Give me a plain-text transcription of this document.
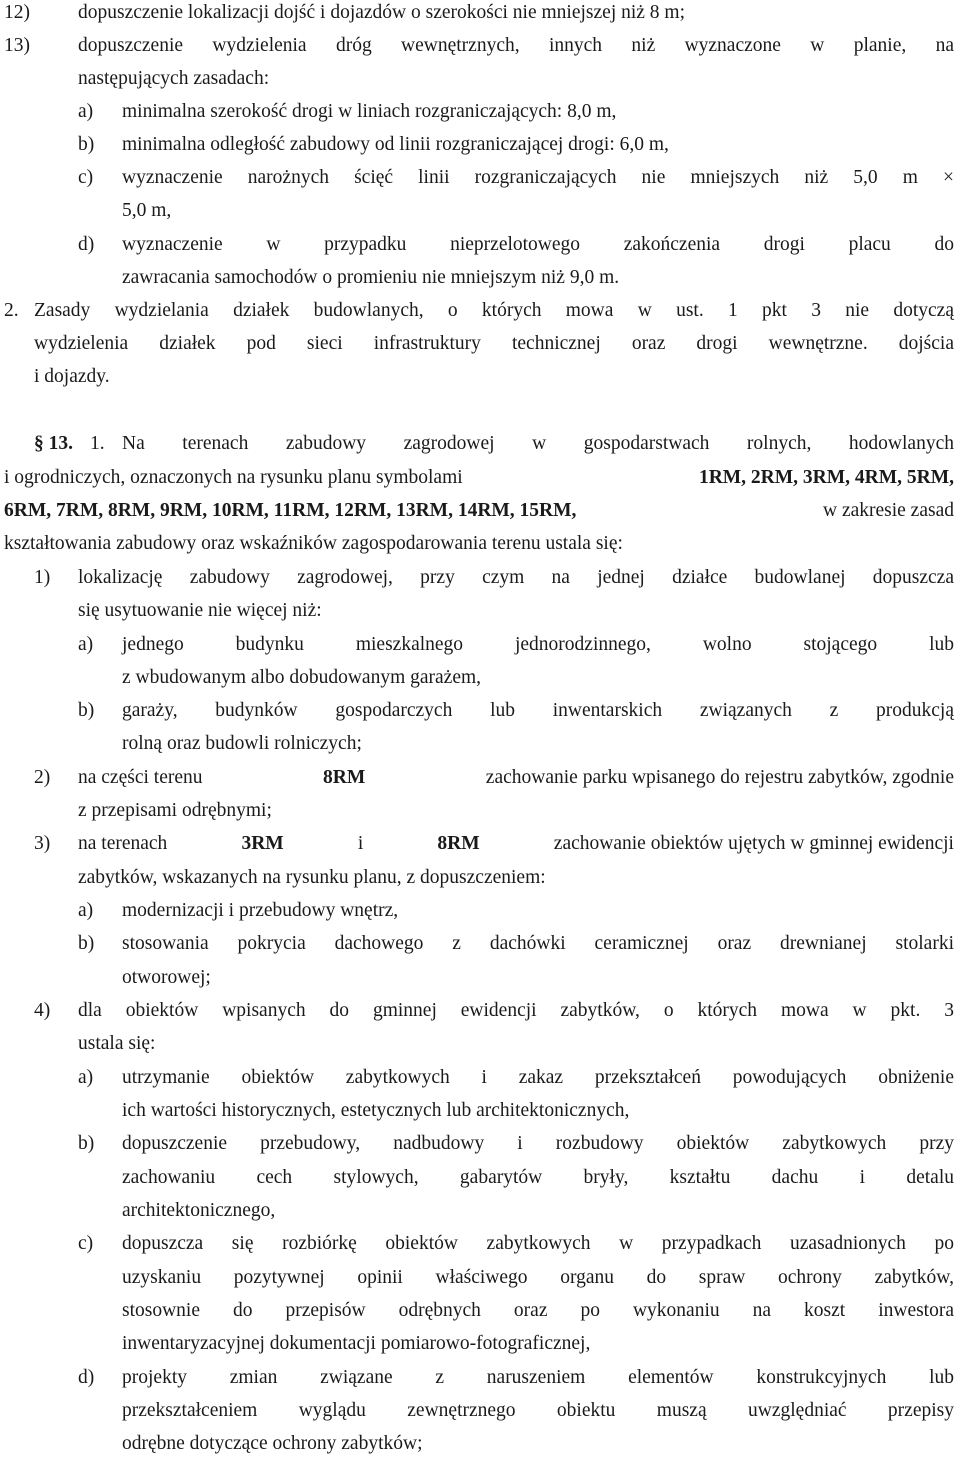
12)	dopuszczenie lokalizacji dojść i dojazdów o szerokości nie mniejszej niż 8 m;
13)	dopuszczenie wydzielenia dróg wewnętrznych, innych niż wyznaczone w planie, na
następujących zasadach:
a)	minimalna szerokość drogi w liniach rozgraniczających: 8,0 m,
b)	minimalna odległość zabudowy od linii rozgraniczającej drogi: 6,0 m,
c)	wyznaczenie narożnych ścięć linii rozgraniczających nie mniejszych niż 5,0 m ×
5,0 m,
d)	wyznaczenie w przypadku nieprzelotowego zakończenia drogi placu do
zawracania samochodów o promieniu nie mniejszym niż 9,0 m.
2. Zasady wydzielania działek budowlanych, o których mowa w ust. 1 pkt 3 nie dotyczą
wydzielenia działek pod sieci infrastruktury technicznej oraz drogi wewnętrzne. dojścia
i dojazdy.
§ 13. 1. Na terenach zabudowy zagrodowej w gospodarstwach rolnych, hodowlanych
i ogrodniczych, oznaczonych na rysunku planu symbolami	1RM, 2RM, 3RM, 4RM, 5RM,
6RM, 7RM, 8RM, 9RM, 10RM, 11RM, 12RM, 13RM, 14RM, 15RM,	w zakresie zasad
kształtowania zabudowy oraz wskaźników zagospodarowania terenu ustala się:
1)	lokalizację zabudowy zagrodowej, przy czym na jednej działce budowlanej dopuszcza
się usytuowanie nie więcej niż:
a)	jednego budynku mieszkalnego jednorodzinnego, wolno stojącego lub
z wbudowanym albo dobudowanym garażem,
b)	garaży, budynków gospodarczych lub inwentarskich związanych z produkcją
rolną oraz budowli rolniczych;
2)	na części terenu	8RM	zachowanie parku wpisanego do rejestru zabytków, zgodnie
z przepisami odrębnymi;
3)	na terenach	3RM	i	8RM	zachowanie obiektów ujętych w gminnej ewidencji
zabytków, wskazanych na rysunku planu, z dopuszczeniem:
a)	modernizacji i przebudowy wnętrz,
b)	stosowania pokrycia dachowego z dachówki ceramicznej oraz drewnianej stolarki
otworowej;
4)	dla obiektów wpisanych do gminnej ewidencji zabytków, o których mowa w pkt. 3
ustala się:
a)	utrzymanie obiektów zabytkowych i zakaz przekształceń powodujących obniżenie
ich wartości historycznych, estetycznych lub architektonicznych,
b)	dopuszczenie przebudowy, nadbudowy i rozbudowy obiektów zabytkowych przy
zachowaniu cech stylowych, gabarytów bryły, kształtu dachu i detalu
architektonicznego,
c)	dopuszcza się rozbiórkę obiektów zabytkowych w przypadkach uzasadnionych po
uzyskaniu pozytywnej opinii właściwego organu do spraw ochrony zabytków,
stosownie do przepisów odrębnych oraz po wykonaniu na koszt inwestora
inwentaryzacyjnej dokumentacji pomiarowo-fotograficznej,
d)	projekty zmian związane z naruszeniem elementów konstrukcyjnych lub
przekształceniem wyglądu zewnętrznego obiektu muszą uwzględniać przepisy
odrębne dotyczące ochrony zabytków;
